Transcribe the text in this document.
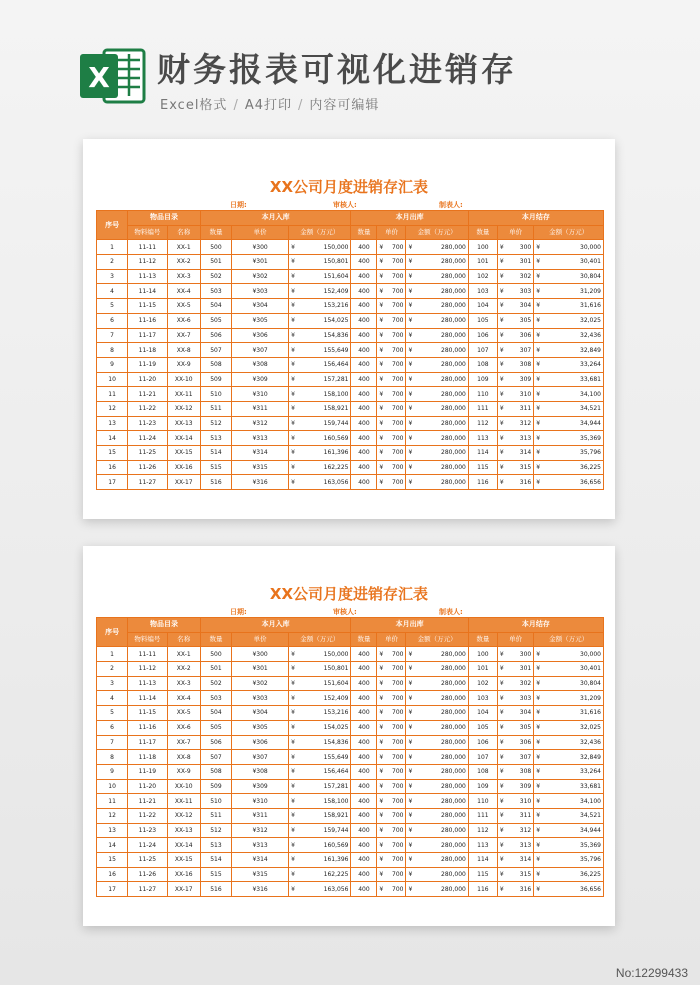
X 财务报表可视化进销存
Excel格式 / A4打印 / 内容可编辑
XX公司月度进销存汇表
日期:	审核人:	制表人:
序号	物品目录		本月入库				本月出库					本月结存				
	物料编号	名称	数量	单价	金额（万元）		数量	单价		金额（万元）		数量	单价		金额（万元）	
1	11-11	XX-1	500	¥300	¥	150,000	400	¥	700	¥	280,000	100	¥	300	¥	30,000
2	11-12	XX-2	501	¥301	¥	150,801	400	¥	700	¥	280,000	101	¥	301	¥	30,401
3	11-13	XX-3	502	¥302	¥	151,604	400	¥	700	¥	280,000	102	¥	302	¥	30,804
4	11-14	XX-4	503	¥303	¥	152,409	400	¥	700	¥	280,000	103	¥	303	¥	31,209
5	11-15	XX-5	504	¥304	¥	153,216	400	¥	700	¥	280,000	104	¥	304	¥	31,616
6	11-16	XX-6	505	¥305	¥	154,025	400	¥	700	¥	280,000	105	¥	305	¥	32,025
7	11-17	XX-7	506	¥306	¥	154,836	400	¥	700	¥	280,000	106	¥	306	¥	32,436
8	11-18	XX-8	507	¥307	¥	155,649	400	¥	700	¥	280,000	107	¥	307	¥	32,849
9	11-19	XX-9	508	¥308	¥	156,464	400	¥	700	¥	280,000	108	¥	308	¥	33,264
10	11-20	XX-10	509	¥309	¥	157,281	400	¥	700	¥	280,000	109	¥	309	¥	33,681
11	11-21	XX-11	510	¥310	¥	158,100	400	¥	700	¥	280,000	110	¥	310	¥	34,100
12	11-22	XX-12	511	¥311	¥	158,921	400	¥	700	¥	280,000	111	¥	311	¥	34,521
13	11-23	XX-13	512	¥312	¥	159,744	400	¥	700	¥	280,000	112	¥	312	¥	34,944
14	11-24	XX-14	513	¥313	¥	160,569	400	¥	700	¥	280,000	113	¥	313	¥	35,369
15	11-25	XX-15	514	¥314	¥	161,396	400	¥	700	¥	280,000	114	¥	314	¥	35,796
16	11-26	XX-16	515	¥315	¥	162,225	400	¥	700	¥	280,000	115	¥	315	¥	36,225
17	11-27	XX-17	516	¥316	¥	163,056	400	¥	700	¥	280,000	116	¥	316	¥	36,656
XX公司月度进销存汇表
日期:	审核人:	制表人:
序号	物品目录		本月入库				本月出库					本月结存				
	物料编号	名称	数量	单价	金额（万元）		数量	单价		金额（万元）		数量	单价		金额（万元）	
1	11-11	XX-1	500	¥300	¥	150,000	400	¥	700	¥	280,000	100	¥	300	¥	30,000
2	11-12	XX-2	501	¥301	¥	150,801	400	¥	700	¥	280,000	101	¥	301	¥	30,401
3	11-13	XX-3	502	¥302	¥	151,604	400	¥	700	¥	280,000	102	¥	302	¥	30,804
4	11-14	XX-4	503	¥303	¥	152,409	400	¥	700	¥	280,000	103	¥	303	¥	31,209
5	11-15	XX-5	504	¥304	¥	153,216	400	¥	700	¥	280,000	104	¥	304	¥	31,616
6	11-16	XX-6	505	¥305	¥	154,025	400	¥	700	¥	280,000	105	¥	305	¥	32,025
7	11-17	XX-7	506	¥306	¥	154,836	400	¥	700	¥	280,000	106	¥	306	¥	32,436
8	11-18	XX-8	507	¥307	¥	155,649	400	¥	700	¥	280,000	107	¥	307	¥	32,849
9	11-19	XX-9	508	¥308	¥	156,464	400	¥	700	¥	280,000	108	¥	308	¥	33,264
10	11-20	XX-10	509	¥309	¥	157,281	400	¥	700	¥	280,000	109	¥	309	¥	33,681
11	11-21	XX-11	510	¥310	¥	158,100	400	¥	700	¥	280,000	110	¥	310	¥	34,100
12	11-22	XX-12	511	¥311	¥	158,921	400	¥	700	¥	280,000	111	¥	311	¥	34,521
13	11-23	XX-13	512	¥312	¥	159,744	400	¥	700	¥	280,000	112	¥	312	¥	34,944
14	11-24	XX-14	513	¥313	¥	160,569	400	¥	700	¥	280,000	113	¥	313	¥	35,369
15	11-25	XX-15	514	¥314	¥	161,396	400	¥	700	¥	280,000	114	¥	314	¥	35,796
16	11-26	XX-16	515	¥315	¥	162,225	400	¥	700	¥	280,000	115	¥	315	¥	36,225
17	11-27	XX-17	516	¥316	¥	163,056	400	¥	700	¥	280,000	116	¥	316	¥	36,656
No:12299433
